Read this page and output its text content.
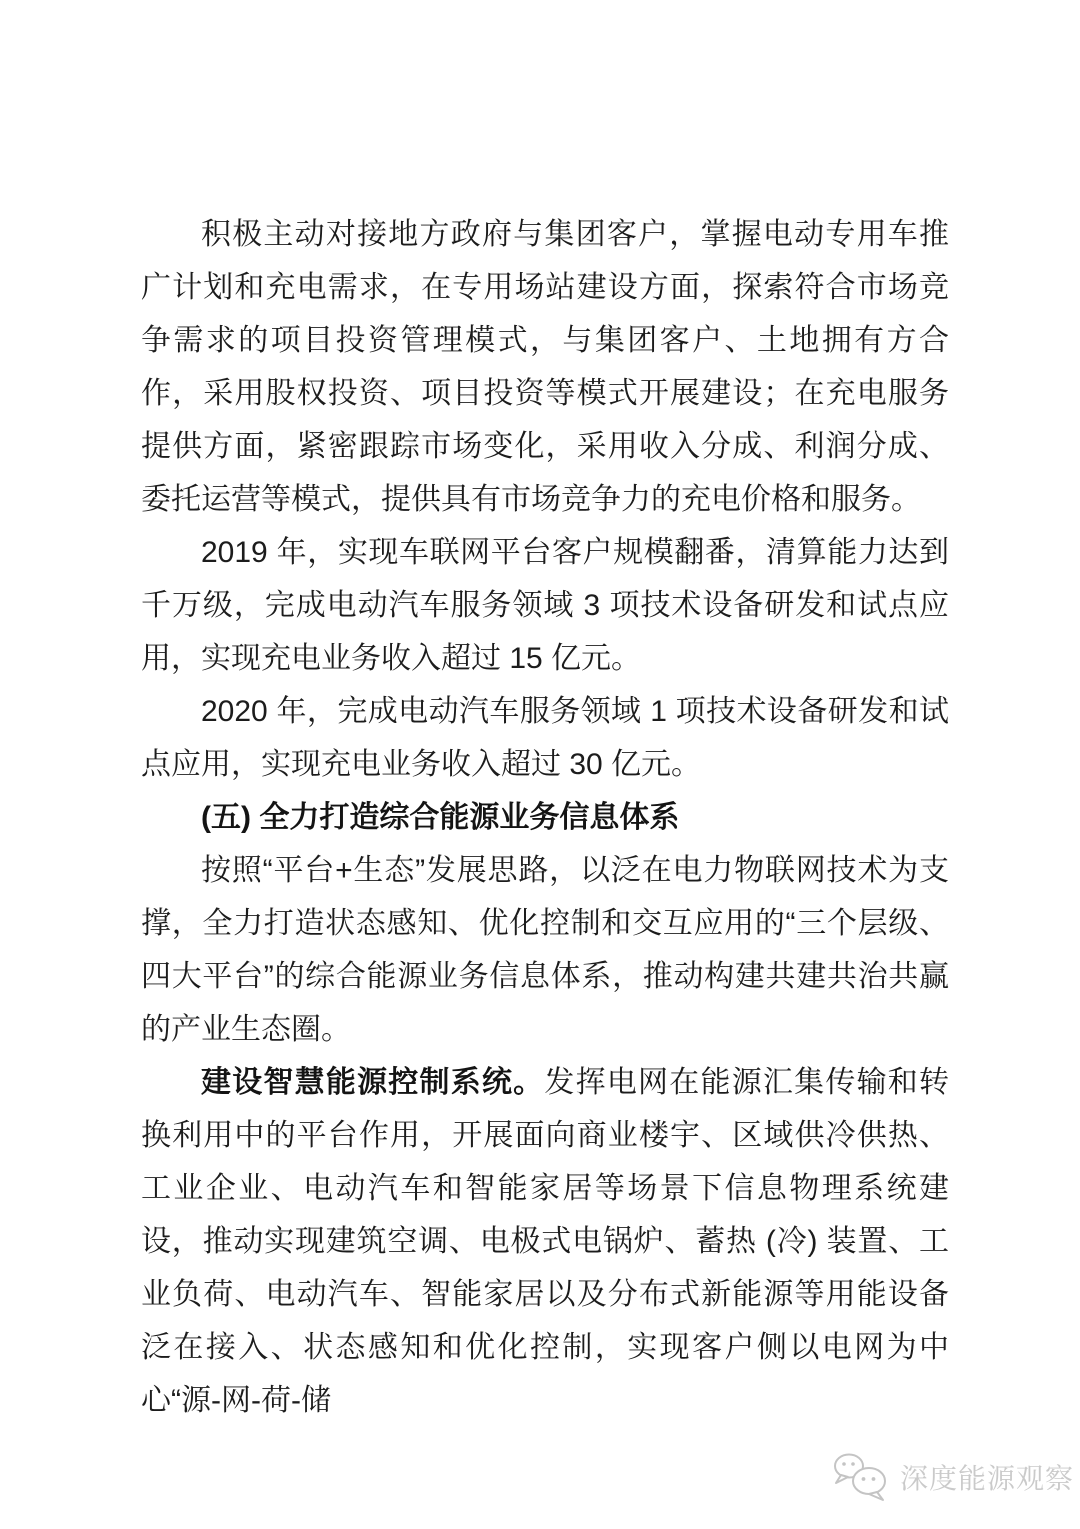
积极主动对接地方政府与集团客户，掌握电动专用车推广计划和充电需求，在专用场站建设方面，探索符合市场竞争需求的项目投资管理模式，与集团客户、土地拥有方合作，采用股权投资、项目投资等模式开展建设；在充电服务提供方面，紧密跟踪市场变化，采用收入分成、利润分成、委托运营等模式，提供具有市场竞争力的充电价格和服务。

2019 年，实现车联网平台客户规模翻番，清算能力达到千万级，完成电动汽车服务领域 3 项技术设备研发和试点应用，实现充电业务收入超过 15 亿元。

2020 年，完成电动汽车服务领域 1 项技术设备研发和试点应用，实现充电业务收入超过 30 亿元。

(五) 全力打造综合能源业务信息体系

按照“平台+生态”发展思路，以泛在电力物联网技术为支撑，全力打造状态感知、优化控制和交互应用的“三个层级、四大平台”的综合能源业务信息体系，推动构建共建共治共赢的产业生态圈。

建设智慧能源控制系统。发挥电网在能源汇集传输和转换利用中的平台作用，开展面向商业楼宇、区域供冷供热、工业企业、电动汽车和智能家居等场景下信息物理系统建设，推动实现建筑空调、电极式电锅炉、蓄热 (冷) 装置、工业负荷、电动汽车、智能家居以及分布式新能源等用能设备泛在接入、状态感知和优化控制，实现客户侧以电网为中心“源-网-荷-储

深度能源观察
